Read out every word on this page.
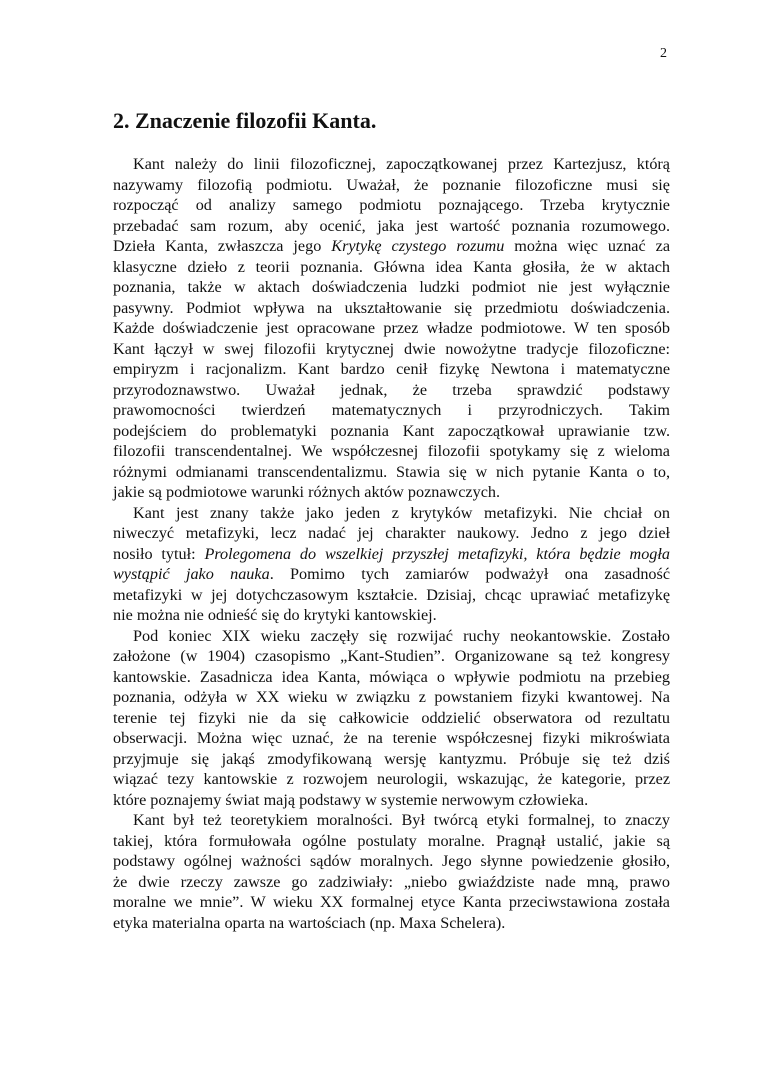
2
2. Znaczenie filozofii Kanta.
Kant należy do linii filozoficznej, zapoczątkowanej przez Kartezjusz, którą
nazywamy filozofią podmiotu. Uważał, że poznanie filozoficzne musi się
rozpocząć od analizy samego podmiotu poznającego. Trzeba krytycznie
przebadać sam rozum, aby ocenić, jaka jest wartość poznania rozumowego.
Dzieła Kanta, zwłaszcza jego Krytykę czystego rozumu można więc uznać za
klasyczne dzieło z teorii poznania. Główna idea Kanta głosiła, że w aktach
poznania, także w aktach doświadczenia ludzki podmiot nie jest wyłącznie
pasywny. Podmiot wpływa na ukształtowanie się przedmiotu doświadczenia.
Każde doświadczenie jest opracowane przez władze podmiotowe. W ten sposób
Kant łączył w swej filozofii krytycznej dwie nowożytne tradycje filozoficzne:
empiryzm i racjonalizm. Kant bardzo cenił fizykę Newtona i matematyczne
przyrodoznawstwo. Uważał jednak, że trzeba sprawdzić podstawy
prawomocności twierdzeń matematycznych i przyrodniczych. Takim
podejściem do problematyki poznania Kant zapoczątkował uprawianie tzw.
filozofii transcendentalnej. We współczesnej filozofii spotykamy się z wieloma
różnymi odmianami transcendentalizmu. Stawia się w nich pytanie Kanta o to,
jakie są podmiotowe warunki różnych aktów poznawczych.
Kant jest znany także jako jeden z krytyków metafizyki. Nie chciał on
niweczyć metafizyki, lecz nadać jej charakter naukowy. Jedno z jego dzieł
nosiło tytuł: Prolegomena do wszelkiej przyszłej metafizyki, która będzie mogła
wystąpić jako nauka. Pomimo tych zamiarów podważył ona zasadność
metafizyki w jej dotychczasowym kształcie. Dzisiaj, chcąc uprawiać metafizykę
nie można nie odnieść się do krytyki kantowskiej.
Pod koniec XIX wieku zaczęły się rozwijać ruchy neokantowskie. Zostało
założone (w 1904) czasopismo „Kant-Studien”. Organizowane są też kongresy
kantowskie. Zasadnicza idea Kanta, mówiąca o wpływie podmiotu na przebieg
poznania, odżyła w XX wieku w związku z powstaniem fizyki kwantowej. Na
terenie tej fizyki nie da się całkowicie oddzielić obserwatora od rezultatu
obserwacji. Można więc uznać, że na terenie współczesnej fizyki mikroświata
przyjmuje się jakąś zmodyfikowaną wersję kantyzmu. Próbuje się też dziś
wiązać tezy kantowskie z rozwojem neurologii, wskazując, że kategorie, przez
które poznajemy świat mają podstawy w systemie nerwowym człowieka.
Kant był też teoretykiem moralności. Był twórcą etyki formalnej, to znaczy
takiej, która formułowała ogólne postulaty moralne. Pragnął ustalić, jakie są
podstawy ogólnej ważności sądów moralnych. Jego słynne powiedzenie głosiło,
że dwie rzeczy zawsze go zadziwiały: „niebo gwiaździste nade mną, prawo
moralne we mnie”. W wieku XX formalnej etyce Kanta przeciwstawiona została
etyka materialna oparta na wartościach (np. Maxa Schelera).
